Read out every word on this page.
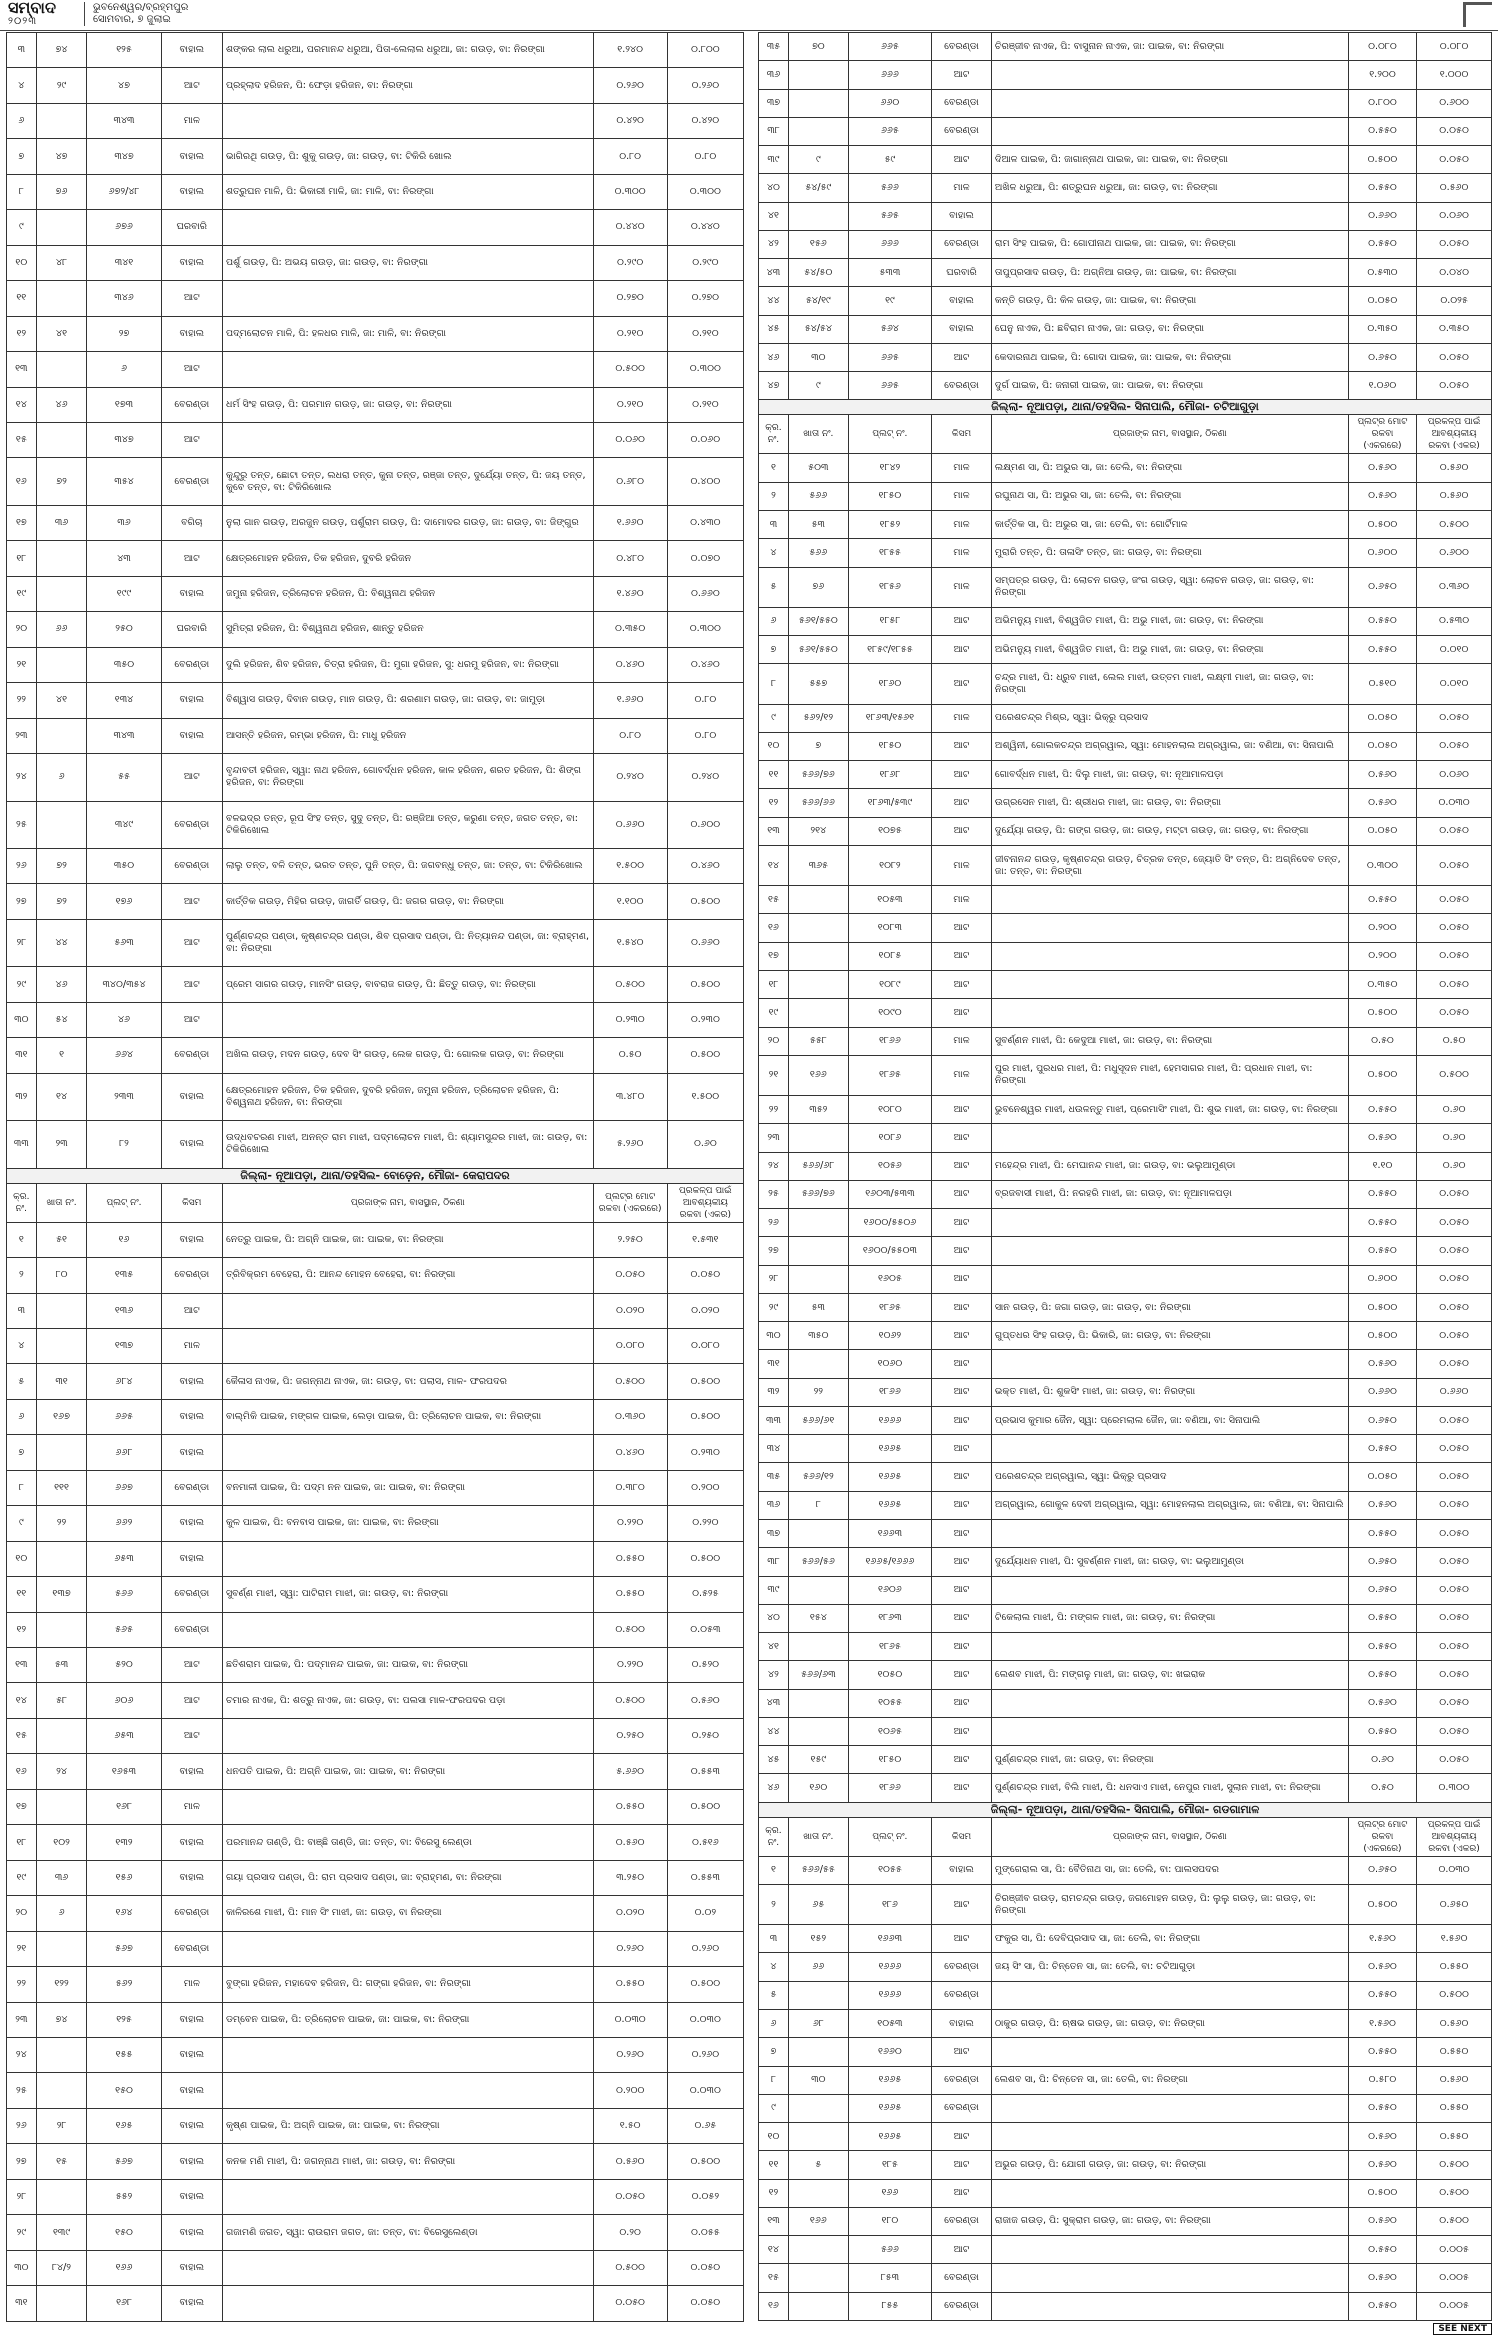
ସମ୍ବାଦ
୨୦୨୩
ଭୁବନେଶ୍ୱର/ବ୍ରହ୍ମପୁର
ସୋମବାର, ୭ ଜୁଲାଇ
୩	୭୪	୧୨୫	ବାହାଲ	ଶଙ୍କର ଲାଲ ଧରୁଆ, ପରମାନନ୍ଦ ଧରୁଆ, ପିତା-ଲେଲାଲ ଧରୁଆ, ଜା: ଗଉଡ଼, ବା: ନିରଙ୍ଗା	୧.୨୪୦	୦.୮୦୦
୪	୨୯	୪୭	ଆଟ	ପ୍ରହ୍ଲାଦ ହରିଜନ, ପି: ଫେଡ଼ା ହରିଜନ, ବା: ନିରଙ୍ଗା	୦.୨୬୦	୦.୨୬୦
୬		୩୪୩	ମାଳ		୦.୪୨୦	୦.୪୨୦
୭	୪୭	୩୪୭	ବାହାଲ	ଭାଗିରଥି ଗଉଡ଼, ପି: ଶୁକୁ ଗଉଡ଼, ଜା: ଗଉଡ଼, ବା: ଟିକିରି ଖୋଲ	୦.୮୦	୦.୮୦
୮	୭୬	୬୭୨/୪୮	ବାହାଲ	ଶତ୍ରୁଘନ ମାଳି, ପି: ଭିକାରୀ ମାଳି, ଜା: ମାଳି, ବା: ନିରଙ୍ଗା	୦.୩୦୦	୦.୩୦୦
୯		୬୭୬	ଘରବାରି		୦.୪୪୦	୦.୪୪୦
୧୦	୪୮	୩୪୧	ବାହାଲ	ପର୍ଶୁ ଗଉଡ଼, ପି: ଅଭୟ ଗଉଡ଼, ଜା: ଗଉଡ଼, ବା: ନିରଙ୍ଗା	୦.୨୯୦	୦.୨୯୦
୧୧		୩୪୬	ଆଟ		୦.୨୭୦	୦.୨୭୦
୧୨	୪୧	୨୭	ବାହାଲ	ପଦ୍ମଲୋଚନ ମାଳି, ପି: ହଳଧର ମାଳି, ଜା: ମାଳି, ବା: ନିରଙ୍ଗା	୦.୨୧୦	୦.୨୧୦
୧୩		୬	ଆଟ		୦.୫୦୦	୦.୩୦୦
୧୪	୪୬	୧୭୩	ବେରଣ୍ଡା	ଧର୍ମ ସିଂହ ଗଉଡ଼, ପି: ପରମାନ ଗଉଡ଼, ଜା: ଗଉଡ଼, ବା: ନିରଙ୍ଗା	୦.୨୧୦	୦.୨୧୦
୧୫		୩୪୭	ଆଟ		୦.୦୬୦	୦.୦୬୦
୧୬	୭୨	୩୫୪	ବେରଣ୍ଡା	କୁନ୍ଦୁରୁ ତନ୍ତ, ଛୋଟା ତନ୍ତ, ଲଧରା ତନ୍ତ, କୁନା ତନ୍ତ, ରଞ୍ଜା ତନ୍ତ, ଦୁର୍ଯ୍ୟୋ ତନ୍ତ, ପି: ଜୟ ତନ୍ତ, କୁବେ ତନ୍ତ, ବା: ଟିକିରିଖୋଲ	୦.୬୮୦	୦.୪୦୦
୧୭	୩୬	୩୬	ବଗିଚା	ନୁଲା ଗାନ ଗଉଡ଼, ଅରଜୁନ ଗଉଡ଼, ପର୍ଶୁରାମ ଗଉଡ଼, ପି: ଦାମୋଦର ଗଉଡ଼, ଜା: ଗଉଡ଼, ବା: ଜିଙ୍ଗୁର	୧.୬୬୦	୦.୪୩୦
୧୮		୪୩	ଆଟ	କ୍ଷେତ୍ରମୋହନ ହରିଜନ, ତିକ ହରିଜନ, ଦୁବରି ହରିଜନ	୦.୪୮୦	୦.୦୭୦
୧୯		୧୯୯	ବାହାଲ	ଜମୁନା ହରିଜନ, ତ୍ରିଲୋଚନ ହରିଜନ, ପି: ବିଶ୍ୱନାଥ ହରିଜନ	୧.୪୬୦	୦.୬୬୦
୨୦	୬୬	୨୫୦	ଘରବାରି	ସୁମିତ୍ରା ହରିଜନ, ପି: ବିଶ୍ୱନାଥ ହରିଜନ, ଶାନ୍ତୁ ହରିଜନ	୦.୩୫୦	୦.୩୦୦
୨୧		୩୫୦	ବେରଣ୍ଡା	ଦୁଲି ହରିଜନ, ଶିବ ହରିଜନ, ଚିତ୍ରା ହରିଜନ, ପି: ମୁଗା ହରିଜନ, ସୁ: ଧରମୁ ହରିଜନ, ବା: ନିରଙ୍ଗା	୦.୪୬୦	୦.୪୬୦
୨୨	୪୧	୧୩୪	ବାହାଲ	ବିଶ୍ୱାସ ଗଉଡ଼, ଦିବାନ ଗଉଡ଼, ମାନ ଗଉଡ଼, ପି: ଶରଣାମ ଗଉଡ଼, ଜା: ଗଉଡ଼, ବା: ଜାମୁଡ଼ା	୧.୬୬୦	୦.୮୦
୨୩		୩୪୩	ବାହାଲ	ଆସନ୍ତି ହରିଜନ, ରମ୍ଭା ହରିଜନ, ପି: ମାଧୁ ହରିଜନ	୦.୮୦	୦.୮୦
୨୪	୬	୫୫	ଆଟ	ବୃନ୍ଦାବତୀ ହରିଜନ, ସ୍ୱା: ନାଥ ହରିଜନ, ଗୋବର୍ଦ୍ଧନ ହରିଜନ, କାଳ ହରିଜନ, ଶରତ ହରିଜନ, ପି: ଶିଙ୍ଗ ହରିଜନ, ବା: ନିରଙ୍ଗା	୦.୨୪୦	୦.୨୪୦
୨୫		୩୪୯	ବେରଣ୍ଡା	ବଳଭଦ୍ର ତନ୍ତ, ରୂପ ସିଂହ ତନ୍ତ, ସୁଦୁ ତନ୍ତ, ପି: ରଞ୍ଜିଆ ତନ୍ତ, କରୁଣା ତନ୍ତ, ଜଗତ ତନ୍ତ, ବା: ଟିକିରିଖୋଲ	୦.୬୬୦	୦.୬୦୦
୨୬	୭୨	୩୫୦	ବେରଣ୍ଡା	ଲାଲୁ ତନ୍ତ, ବଳି ତନ୍ତ, ଭରତ ତନ୍ତ, ପୁନି ତନ୍ତ, ପି: ଜଗବନ୍ଧୁ ତନ୍ତ, ଜା: ତନ୍ତ, ବା: ଟିକିରିଖୋଲ	୧.୫୦୦	୦.୪୬୦
୨୭	୭୨	୧୭୬	ଆଟ	କାର୍ତ୍ତିକ ଗଉଡ଼, ମିହିର ଗଉଡ଼, ଜାଗର୍ତି ଗଉଡ଼, ପି: ଜଗର ଗଉଡ଼, ବା: ନିରଙ୍ଗା	୧.୧୦୦	୦.୫୦୦
୨୮	୪୪	୫୬୩	ଆଟ	ପୁର୍ଣ୍ଣଚନ୍ଦ୍ର ପଣ୍ଡା, କୃଷ୍ଣଚନ୍ଦ୍ର ପଣ୍ଡା, ଶିବ ପ୍ରସାଦ ପଣ୍ଡା, ପି: ନିତ୍ୟାନନ୍ଦ ପଣ୍ଡା, ଜା: ବ୍ରାହ୍ମଣ, ବା: ନିରଙ୍ଗା	୧.୫୪୦	୦.୬୬୦
୨୯	୪୬	୩୪୦/୩୫୪	ଆଟ	ପ୍ରେମ ସାଗର ଗଉଡ଼, ମାନସିଂ ଗଉଡ଼, ବାବରାଜ ଗଉଡ଼, ପି: ଛିତ୍ତୁ ଗଉଡ଼, ବା: ନିରଙ୍ଗା	୦.୫୦୦	୦.୫୦୦
୩୦	୫୪	୪୬	ଆଟ		୦.୨୩୦	୦.୨୩୦
୩୧	୧	୬୬୪	ବେରଣ୍ଡା	ଅଖିଲ ଗଉଡ଼, ମଦନ ଗଉଡ଼, ଦେବ ସିଂ ଗଉଡ଼, ଲେକ ଗଉଡ଼, ପି: ଗୋଲକ ଗଉଡ଼, ବା: ନିରଙ୍ଗା	୦.୫୦	୦.୫୦୦
୩୨	୧୪	୨୩୩	ବାହାଲ	କ୍ଷେତ୍ରମୋହନ ହରିଜନ, ତିକ ହରିଜନ, ଦୁବରି ହରିଜନ, ଜମୁନା ହରିଜନ, ତ୍ରିଲୋଚନ ହରିଜନ, ପି: ବିଶ୍ୱନାଥ ହରିଜନ, ବା: ନିରଙ୍ଗା	୩.୪୮୦	୧.୫୦୦
୩୩	୨୩	୮୨	ବାହାଲ	ଉଦ୍ଧବଚରଣ ମାଝୀ, ଅନନ୍ତ ରାମ ମାଝୀ, ପଦ୍ମଲୋଚନ ମାଝୀ, ପି: ଶ୍ୟାମସୁନ୍ଦର ମାଝୀ, ଜା: ଗଉଡ଼, ବା: ଟିକିରିଖୋଲ	୫.୨୬୦	୦.୬୦
ଜିଲ୍ଲା- ନୂଆପଡ଼ା, ଥାନା/ତହସିଲ- ବୋଡ଼େନ, ମୌଜା- କେରାପଦର						
କ୍ର. ନଂ.	ଖାତା ନଂ.	ପ୍ଲଟ୍ ନଂ.	କିସମ	ପ୍ରଜାଙ୍କ ନାମ, ବାସସ୍ଥାନ, ଠିକଣା	ପ୍ଲଟ୍ର ମୋଟ ରକବା (ଏକରରେ)	ପ୍ରକଳ୍ପ ପାଇଁ ଆବଶ୍ୟକୀୟ ରକବା (ଏକର)
୧	୫୧	୧୬	ବାହାଲ	ନେତ୍ରୁ ପାଇକ, ପି: ଅଗ୍ନି ପାଇକ, ଜା: ପାଇକ, ବା: ନିରଙ୍ଗା	୨.୨୫୦	୧.୫୩୧
୨	୮୦	୧୩୫	ବେରଣ୍ଡା	ତ୍ରିବିକ୍ରମ ବେହେରା, ପି: ଆନନ୍ଦ ମୋହନ ବେହେରା, ବା: ନିରଙ୍ଗା	୦.୦୫୦	୦.୦୫୦
୩		୧୩୬	ଆଟ		୦.୦୨୦	୦.୦୨୦
୪		୧୩୭	ମାଳ		୦.୦୮୦	୦.୦୮୦
୫	୩୧	୬୮୪	ବାହାଲ	କୈଳାସ ନାଏକ, ପି: ଜଗନ୍ନାଥ ନାଏକ, ଜା: ଗଉଡ଼, ବା: ପଲାସ, ମାଳ- ଫରପଦର	୦.୫୦୦	୦.୫୦୦
୬	୧୬୭	୬୬୫	ବାହାଲ	ବାଲ୍ମିକି ପାଇକ, ମଙ୍ଗଳ ପାଇକ, ଲେଡ଼ା ପାଇକ, ପି: ତ୍ରିଲୋଚନ ପାଇକ, ବା: ନିରଙ୍ଗା	୦.୩୬୦	୦.୫୦୦
୭		୬୬୮	ବାହାଲ		୦.୪୬୦	୦.୨୩୦
୮	୧୧୧	୬୬୭	ବେରଣ୍ଡା	ବନମାଳୀ ପାଇକ, ପି: ପଦ୍ମ ନନ ପାଇକ, ଜା: ପାଇକ, ବା: ନିରଙ୍ଗା	୦.୩୮୦	୦.୨୦୦
୯	୨୨	୬୬୨	ବାହାଲ	କୁଳ ପାଇକ, ପି: ବନବାସ ପାଇକ, ଜା: ପାଇକ, ବା: ନିରଙ୍ଗା	୦.୨୨୦	୦.୨୨୦
୧୦		୬୫୩	ବାହାଲ		୦.୫୫୦	୦.୫୦୦
୧୧	୧୩୭	୫୬୬	ବେରଣ୍ଡା	ସୁବର୍ଣ୍ଣ ମାଝୀ, ସ୍ୱା: ପାଟିରାମ ମାଝୀ, ଜା: ଗଉଡ଼, ବା: ନିରଙ୍ଗା	୦.୫୫୦	୦.୫୨୫
୧୨		୫୬୫	ବେରଣ୍ଡା		୦.୫୦୦	୦.୦୫୩
୧୩	୫୩	୫୨୦	ଆଟ	ଛତିଶରାମ ପାଇକ, ପି: ପଦ୍ମାନନ୍ଦ ପାଇକ, ଜା: ପାଇକ, ବା: ନିରଙ୍ଗା	୦.୨୨୦	୦.୫୨୦
୧୪	୫୮	୬୦୬	ଆଟ	ଚମାର ନାଏକ, ପି: ଶତ୍ରୁ ନାଏକ, ଜା: ଗଉଡ଼, ବା: ପଲସା ମାଳ-ଫରପଦର ପଡ଼ା	୦.୫୦୦	୦.୫୬୦
୧୫		୬୫୩	ଆଟ		୦.୨୫୦	୦.୨୫୦
୧୬	୨୪	୧୬୫୩	ବାହାଲ	ଧନପତି ପାଇକ, ପି: ଅଗ୍ନି ପାଇକ, ଜା: ପାଇକ, ବା: ନିରଙ୍ଗା	୫.୬୬୦	୦.୫୫୩
୧୭		୧୬୮	ମାଳ		୦.୫୫୦	୦.୫୦୦
୧୮	୧୦୨	୧୩୨	ବାହାଲ	ପରମାନନ୍ଦ ତାଣ୍ଡି, ପି: ବାଞ୍ଛି ତାଣ୍ଡି, ଜା: ତନ୍ତ, ବା: ବିରେସୁ ଲେଣ୍ଡା	୦.୫୬୦	୦.୫୧୬
୧୯	୩୬	୧୫୬	ବାହାଲ	ଗୟା ପ୍ରସାଦ ପଣ୍ଡା, ପି: ରାମ ପ୍ରସାଦ ପଣ୍ଡା, ଜା: ବ୍ରାହ୍ମଣ, ବା: ନିରଙ୍ଗା	୩.୨୫୦	୦.୫୫୩
୨୦	୬	୧୬୪	ବେରଣ୍ଡା	କାଳିରଶେ ମାଝୀ, ପି: ମାନ ସିଂ ମାଝୀ, ଜା: ଗଉଡ଼, ବା ନିରଙ୍ଗା	୦.୦୨୦	୦.୦୨
୨୧		୫୬୭	ବେରଣ୍ଡା		୦.୨୬୦	୦.୨୬୦
୨୨	୧୨୨	୫୬୨	ମାଳ	ବୁଙ୍ଗା ହରିଜନ, ମହାଦେବ ହରିଜନ, ପି: ଗଙ୍ଗା ହରିଜନ, ବା: ନିରଙ୍ଗା	୦.୫୫୦	୦.୫୦୦
୨୩	୭୪	୧୨୫	ବାହାଲ	ଡମ୍ବେନ ପାଇକ, ପି: ତ୍ରିଲୋଚନ ପାଇକ, ଜା: ପାଇକ, ବା: ନିରଙ୍ଗା	୦.୦୩୦	୦.୦୩୦
୨୪		୧୫୫	ବାହାଲ		୦.୨୬୦	୦.୨୬୦
୨୫		୧୫୦	ବାହାଲ		୦.୨୦୦	୦.୦୩୦
୨୬	୨୮	୧୬୫	ବାହାଲ	କୃଷ୍ଣ ପାଇକ, ପି: ଅଗ୍ନି ପାଇକ, ଜା: ପାଇକ, ବା: ନିରଙ୍ଗା	୧.୫୦	୦.୬୫
୨୭	୧୫	୫୬୭	ବାହାଲ	କନକ ମଣି ମାଝୀ, ପି: ଜଗନ୍ନାଥ ମାଝୀ, ଜା: ଗଉଡ଼, ବା: ନିରଙ୍ଗା	୦.୫୬୦	୦.୫୦୦
୨୮		୫୫୨	ବାହାଲ		୦.୦୫୦	୦.୦୫୨
୨୯	୧୩୯	୧୫୦	ବାହାଲ	ଗଜାମଣି ଜଗତ, ସ୍ୱା: ରାଉରାମ ଜଗତ, ଜା: ତନ୍ତ, ବା: ବିରେସୁଲେଣ୍ଡା	୦.୨୦	୦.୦୫୫
୩୦	୮୪/୨	୧୬୬	ବାହାଲ		୦.୫୦୦	୦.୦୫୦
୩୧		୧୬୮	ବାହାଲ		୦.୦୫୦	୦.୦୫୦
୩୫	୭୦	୬୬୫	ବେରଣ୍ଡା	ଚିରଞ୍ଜୀବ ନାଏକ, ପି: ବାସୁନାନ ନାଏକ, ଜା: ପାଇକ, ବା: ନିରଙ୍ଗା	୦.୦୮୦	୦.୦୮୦
୩୬		୬୬୬	ଆଟ		୧.୨୦୦	୧.୦୦୦
୩୭		୬୬୦	ବେରଣ୍ଡା		୦.୮୦୦	୦.୬୦୦
୩୮		୬୬୫	ବେରଣ୍ଡା		୦.୫୫୦	୦.୦୫୦
୩୯	୯	୫୯	ଆଟ	ଦିଆଳ ପାଇକ, ପି: ଜାଗାନ୍ନାଥ ପାଇକ, ଜା: ପାଇକ, ବା: ନିରଙ୍ଗା	୦.୫୦୦	୦.୦୫୦
୪୦	୫୪/୫୯	୫୬୬	ମାଳ	ଅଖିଳ ଧରୁଆ, ପି: ଶତ୍ରୁଘନ ଧରୁଆ, ଜା: ଗଉଡ଼, ବା: ନିରଙ୍ଗା	୦.୫୫୦	୦.୫୬୦
୪୧		୫୬୫	ବାହାଲ		୦.୬୬୦	୦.୦୬୦
୪୨	୧୫୬	୬୬୬	ବେରଣ୍ଡା	ରାମ ସିଂହ ପାଇକ, ପି: ଗୋପୀନାଥ ପାଇକ, ଜା: ପାଇକ, ବା: ନିରଙ୍ଗା	୦.୫୫୦	୦.୦୫୦
୪୩	୫୪/୫୦	୫୩୩	ଘରବାରି	ତାପୁପ୍ରସାଦ ଗଉଡ଼, ପି: ଅଗ୍ନିଆ ଗଉଡ଼, ଜା: ପାଇକ, ବା: ନିରଙ୍ଗା	୦.୫୩୦	୦.୦୪୦
୪୪	୫୪/୧୯	୧୯	ବାହାଲ	କନ୍ତି ଗଉଡ଼, ପି: କିଳ ଗଉଡ଼, ଜା: ପାଇକ, ବା: ନିରଙ୍ଗା	୦.୦୫୦	୦.୦୨୫
୪୫	୫୪/୫୪	୫୬୪	ବାହାଲ	ଘେନୁ ନାଏକ, ପି: ଛବିରାମ ନାଏକ, ଜା: ଗଉଡ଼, ବା: ନିରଙ୍ଗା	୦.୩୫୦	୦.୩୫୦
୪୬	୩୦	୬୬୫	ଆଟ	କେଦାରନାଥ ପାଇକ, ପି: ଗୋଦା ପାଇକ, ଜା: ପାଇକ, ବା: ନିରଙ୍ଗା	୦.୬୫୦	୦.୦୫୦
୪୭	୯	୬୬୫	ବେରଣ୍ଡା	ଦୁର୍ଗ ପାଇକ, ପି: ଜନାରୀ ପାଇକ, ଜା: ପାଇକ, ବା: ନିରଙ୍ଗା	୧.୦୬୦	୦.୦୫୦
ଜିଲ୍ଲା- ନୂଆପଡ଼ା, ଥାନା/ତହସିଲ- ସିନାପାଲି, ମୌଜା- ଚଟିଆଗୁଡ଼ା						
କ୍ର. ନଂ.	ଖାତା ନଂ.	ପ୍ଲଟ୍ ନଂ.	କିସମ	ପ୍ରଜାଙ୍କ ନାମ, ବାସସ୍ଥାନ, ଠିକଣା	ପ୍ଲଟ୍ର ମୋଟ ରକବା (ଏକରରେ)	ପ୍ରକଳ୍ପ ପାଇଁ ଆବଶ୍ୟକୀୟ ରକବା (ଏକର)
୧	୫୦୩	୧୮୪୨	ମାଳ	ଲକ୍ଷ୍ମଣ ସା, ପି: ଅଭୁର ସା, ଜା: ତେଲି, ବା: ନିରଙ୍ଗା	୦.୫୬୦	୦.୫୬୦
୨	୫୬୬	୧୮୫୦	ମାଳ	ରଘୁନାଥ ସା, ପି: ଅଭୁର ସା, ଜା: ତେଲି, ବା: ନିରଙ୍ଗା	୦.୫୬୦	୦.୫୬୦
୩	୫୩	୧୮୫୨	ମାଳ	କାର୍ତ୍ତିକ ସା, ପି: ଅଭୁର ସା, ଜା: ତେଲି, ବା: ଗୋର୍ଟିମାଳ	୦.୫୦୦	୦.୫୦୦
୪	୫୬୬	୧୮୫୫	ମାଳ	ମୁରାରି ତନ୍ତ, ପି: ତାଳାସିଂ ତନ୍ତ, ଜା: ଗଉଡ଼, ବା: ନିରଙ୍ଗା	୦.୬୦୦	୦.୬୦୦
୫	୭୬	୧୮୫୬	ମାଳ	ସମ୍ପତ୍ର ଗଉଡ଼, ପି: ଲୋଚନ ଗଉଡ଼, ଜଂଗ ଗଉଡ଼, ସ୍ୱା: ଲୋଚନ ଗଉଡ଼, ଜା: ଗଉଡ଼, ବା: ନିରଙ୍ଗା	୦.୬୫୦	୦.୩୬୦
୬	୫୬୧/୫୫୦	୧୮୫୮	ଆଟ	ଅଭିମନ୍ୟୁ ମାଝୀ, ବିଶ୍ୱଜିତ ମାଝୀ, ପି: ଅଭୁ ମାଝୀ, ଜା: ଗଉଡ଼, ବା: ନିରଙ୍ଗା	୦.୫୫୦	୦.୫୩୦
୭	୫୬୧/୫୫୦	୧୮୫୯/୧୮୫୫	ଆଟ	ଅଭିମନ୍ୟୁ ମାଝୀ, ବିଶ୍ୱଜିତ ମାଝୀ, ପି: ଅଭୁ ମାଝୀ, ଜା: ଗଉଡ଼, ବା: ନିରଙ୍ଗା	୦.୫୫୦	୦.୦୧୦
୮	୫୫୭	୧୮୬୦	ଆଟ	ଚନ୍ଦ୍ର ମାଝୀ, ପି: ଧ୍ରୁବ ମାଝୀ, ଲେଲ ମାଝୀ, ଉତ୍ତମ ମାଝୀ, ଲକ୍ଷ୍ମୀ ମାଝୀ, ଜା: ଗଉଡ଼, ବା: ନିରଙ୍ଗା	୦.୫୧୦	୦.୦୧୦
୯	୫୬୨/୧୨	୧୮୬୩/୧୫୬୧	ମାଳ	ପରେଶଚନ୍ଦ୍ର ମିଶ୍ର, ସ୍ୱା: ଭିକ୍ରୁ ପ୍ରସାଦ	୦.୦୫୦	୦.୦୫୦
୧୦	୭	୧୮୫୦	ଆଟ	ଅଶ୍ୱିନୀ, ଗୋଲକଚନ୍ଦ୍ର ଅଗ୍ରୱାଲ, ସ୍ୱା: ମୋହନଲାଲ ଅଗ୍ରୱାଲ, ଜା: ବଣିଆ, ବା: ସିନାପାଲି	୦.୦୫୦	୦.୦୫୦
୧୧	୫୬୬/୭୬	୧୮୬୮	ଆଟ	ଗୋବର୍ଦ୍ଧନ ମାଝୀ, ପି: ଦିଲୁ ମାଝୀ, ଜା: ଗଉଡ଼, ବା: ନୂଆମାଳପଡ଼ା	୦.୫୬୦	୦.୦୬୦
୧୨	୫୬୬/୬୬	୧୮୬୩/୫୩୯	ଆଟ	ଉଗ୍ରସେନ ମାଝୀ, ପି: ଶ୍ରୀଧର ମାଝୀ, ଜା: ଗଉଡ଼, ବା: ନିରଙ୍ଗା	୦.୫୬୦	୦.୦୩୦
୧୩	୨୧୪	୧୦୭୫	ଆଟ	ଦୁର୍ଯ୍ୟୋ ଗଉଡ଼, ପି: ଗଙ୍ଗ ଗଉଡ଼, ଜା: ଗଉଡ଼, ମଟ୍ଟା ଗଉଡ଼, ଜା: ଗଉଡ଼, ବା: ନିରଙ୍ଗା	୦.୦୫୦	୦.୦୫୦
୧୪	୩୬୫	୧୦୮୨	ମାଳ	ଜୀବନାନନ୍ଦ ଗଉଡ଼, କୃଷ୍ଣଚନ୍ଦ୍ର ଗଉଡ଼, ଚିତ୍ରକ ତନ୍ତ, ଜ୍ୟୋତି ସିଂ ତନ୍ତ, ପି: ଅଗ୍ନିଦେବ ତନ୍ତ, ଜା: ତନ୍ତ, ବା: ନିରଙ୍ଗା	୦.୩୦୦	୦.୦୫୦
୧୫		୧୦୫୩	ମାଳ		୦.୫୫୦	୦.୦୫୦
୧୬		୧୦୮୩	ଆଟ		୦.୨୦୦	୦.୦୫୦
୧୭		୧୦୮୫	ଆଟ		୦.୨୦୦	୦.୦୫୦
୧୮		୧୦୮୯	ଆଟ		୦.୩୫୦	୦.୦୫୦
୧୯		୧୦୯୦	ଆଟ		୦.୫୦୦	୦.୦୫୦
୨୦	୫୫୮	୧୮୬୬	ମାଳ	ସୁବର୍ଣ୍ଣନ ମାଝୀ, ପି: କେଦୁଆ ମାଝୀ, ଜା: ଗଉଡ଼, ବା: ନିରଙ୍ଗା	୦.୫୦	୦.୫୦
୨୧	୧୬୬	୧୮୬୫	ମାଳ	ପୁର ମାଝୀ, ପୁରଧର ମାଝୀ, ପି: ମଧୁସୂଦନ ମାଝୀ, ହେମସାଗର ମାଝୀ, ପି: ପ୍ରଧାନ ମାଝୀ, ବା: ନିରଙ୍ଗା	୦.୫୦୦	୦.୫୦୦
୨୨	୩୫୨	୧୦୮୦	ଆଟ	ଭୁବନେଶ୍ୱର ମାଝୀ, ଧଉଳନ୍ତୁ ମାଝୀ, ପ୍ରେମାସିଂ ମାଝୀ, ପି: ଶୁଭ ମାଝୀ, ଜା: ଗଉଡ଼, ବା: ନିରଙ୍ଗା	୦.୫୫୦	୦.୬୦
୨୩		୧୦୮୬	ଆଟ		୦.୫୬୦	୦.୬୦
୨୪	୫୬୬/୬୮	୧୦୫୬	ଆଟ	ମହେନ୍ଦ୍ର ମାଝୀ, ପି: ମେଘାନନ୍ଦ ମାଝୀ, ଜା: ଗଉଡ଼, ବା: ଭଲୁଆମୁଣ୍ଡା	୧.୧୦	୦.୬୦
୨୫	୫୬୬/୭୬	୧୬୦୩/୫୩୩	ଆଟ	ବ୍ରଜବାସୀ ମାଝୀ, ପି: ନରହରି ମାଝୀ, ଜା: ଗଉଡ଼, ବା: ନୂଆମାଳପଡ଼ା	୦.୫୫୦	୦.୦୫୦
୨୬		୧୬୦୦/୫୫୦୬	ଆଟ		୦.୫୫୦	୦.୦୫୦
୨୭		୧୬୦୦/୫୫୦୩	ଆଟ		୦.୫୫୦	୦.୦୫୦
୨୮		୧୬୦୫	ଆଟ		୦.୬୦୦	୦.୦୫୦
୨୯	୫୩	୧୮୬୫	ଆଟ	ସାନ ଗଉଡ଼, ପି: ଜଗା ଗଉଡ଼, ଜା: ଗଉଡ଼, ବା: ନିରଙ୍ଗା	୦.୫୦୦	୦.୦୫୦
୩୦	୩୫୦	୧୦୬୨	ଆଟ	ଗୁପ୍ତଧର ସିଂହ ଗଉଡ଼, ପି: ଭିକାରି, ଜା: ଗଉଡ଼, ବା: ନିରଙ୍ଗା	୦.୫୦୦	୦.୦୫୦
୩୧		୧୦୬୦	ଆଟ		୦.୫୬୦	୦.୦୫୦
୩୨	୨୨	୧୮୬୬	ଆଟ	ଭକ୍ତ ମାଝୀ, ପି: ଶୁକସିଂ ମାଝୀ, ଜା: ଗଉଡ଼, ବା: ନିରଙ୍ଗା	୦.୬୬୦	୦.୬୬୦
୩୩	୫୬୬/୬୧	୧୬୬୬	ଆଟ	ପ୍ରଭାସ କୁମାର ଜୈନ, ସ୍ୱା: ପ୍ରେମଲାଲ ଜୈନ, ଜା: ବଣିଆ, ବା: ସିନାପାଲି	୦.୬୫୦	୦.୦୫୦
୩୪		୧୬୬୫	ଆଟ		୦.୫୫୦	୦.୦୫୦
୩୫	୫୬୬/୧୨	୧୬୬୫	ଆଟ	ପରେଶଚନ୍ଦ୍ର ଅଗ୍ରୱାଲ, ସ୍ୱା: ଭିକ୍ରୁ ପ୍ରସାଦ	୦.୦୫୦	୦.୦୫୦
୩୬	୮	୧୬୬୫	ଆଟ	ଅଗ୍ରୱାଲ, ଗୋକୁଳ ଦେବୀ ଅଗ୍ରୱାଲ, ସ୍ୱା: ମୋହନଲାଲ ଅଗ୍ରୱାଲ, ଜା: ବଣିଆ, ବା: ସିନାପାଲି	୦.୫୬୦	୦.୦୫୦
୩୭		୧୬୬୩	ଆଟ		୦.୫୫୦	୦.୦୫୦
୩୮	୫୬୬/୫୬	୧୬୬୫/୧୬୬୬	ଆଟ	ଦୁର୍ଯ୍ୟୋଧନ ମାଝୀ, ପି: ସୁବର୍ଣ୍ଣନ ମାଝୀ, ଜା: ଗଉଡ଼, ବା: ଭଲୁଆମୁଣ୍ଡା	୦.୬୫୦	୦.୦୫୦
୩୯		୧୬୦୬	ଆଟ		୦.୬୫୦	୦.୦୫୦
୪୦	୧୫୪	୧୮୬୩	ଆଟ	ଟିକେଲାଲ ମାଝୀ, ପି: ମଙ୍ଗଳ ମାଝୀ, ଜା: ଗଉଡ଼, ବା: ନିରଙ୍ଗା	୦.୫୫୦	୦.୦୫୦
୪୧		୧୮୬୫	ଆଟ		୦.୫୫୦	୦.୦୫୦
୪୨	୫୬୬/୬୩	୧୦୫୦	ଆଟ	ଲେଶବ ମାଝୀ, ପି: ମଙ୍ଗଳୁ ମାଝୀ, ଜା: ଗଉଡ଼, ବା: ଖଇରାକ	୦.୫୫୦	୦.୦୫୦
୪୩		୧୦୫୫	ଆଟ		୦.୫୬୦	୦.୦୫୦
୪୪		୧୦୬୫	ଆଟ		୦.୫୫୦	୦.୦୫୦
୪୫	୧୫୯	୧୮୫୦	ଆଟ	ପୁର୍ଣ୍ଣଚନ୍ଦ୍ର ମାଝୀ, ଜା: ଗଉଡ଼, ବା: ନିରଙ୍ଗା	୦.୬୦	୦.୦୫୦
୪୬	୧୬୦	୧୮୬୬	ଆଟ	ପୁର୍ଣ୍ଣଚନ୍ଦ୍ର ମାଝୀ, ବିଲି ମାଝୀ, ପି: ଧନସାଏ ମାଝୀ, ନେପୁର ମାଝୀ, ସୁଲାନ ମାଝୀ, ବା: ନିରଙ୍ଗା	୦.୫୦	୦.୩୦୦
ଜିଲ୍ଲା- ନୂଆପଡ଼ା, ଥାନା/ତହସିଲ- ସିନାପାଲି, ମୌଜା- ଗଡଗାମାଳ						
କ୍ର. ନଂ.	ଖାତା ନଂ.	ପ୍ଲଟ୍ ନଂ.	କିସମ	ପ୍ରଜାଙ୍କ ନାମ, ବାସସ୍ଥାନ, ଠିକଣା	ପ୍ଲଟ୍ର ମୋଟ ରକବା (ଏକରରେ)	ପ୍ରକଳ୍ପ ପାଇଁ ଆବଶ୍ୟକୀୟ ରକବା (ଏକର)
୧	୫୬୬/୫୫	୧୦୫୫	ବାହାଲ	ମୁଙ୍ଗେରାଲ ସା, ପି: ବୈତିନାଥ ସା, ଜା: ତେଲି, ବା: ପାଲସପଦର	୦.୬୫୦	୦.୦୩୦
୨	୬୫	୧୮୬	ଆଟ	ଚିରଞ୍ଜୀବ ଗଉଡ଼, ରାମଚନ୍ଦ୍ର ଗଉଡ଼, ଜଗମୋହନ ଗଉଡ଼, ପି: ଲୁଲୁ ଗଉଡ଼, ଜା: ଗଉଡ଼, ବା: ନିରଙ୍ଗା	୦.୫୦୦	୦.୬୫୦
୩	୧୫୨	୧୬୬୩	ଆଟ	ଫକୁର ସା, ପି: ଦେବିପ୍ରସାଦ ସା, ଜା: ତେଲି, ବା: ନିରଙ୍ଗା	୧.୫୬୦	୧.୫୬୦
୪	୬୬	୧୬୬୬	ବେରଣ୍ଡା	ଜୟ ସିଂ ସା, ପି: ଚିନ୍ତେନ ସା, ଜା: ତେଲି, ବା: ଚଟିଆଗୁଡ଼ା	୦.୫୬୦	୦.୫୫୦
୫		୧୬୬୬	ବେରଣ୍ଡା		୦.୫୫୦	୦.୫୦୦
୬	୬୮	୧୦୫୩	ବାହାଲ	ଠାକୁର ଗଉଡ଼, ପି: ଋଷଭ ଗଉଡ଼, ଜା: ଗଉଡ଼, ବା: ନିରଙ୍ଗା	୧.୫୬୦	୦.୫୬୦
୭		୧୬୬୦	ଆଟ		୦.୫୫୦	୦.୫୫୦
୮	୩୦	୧୬୬୫	ବେରଣ୍ଡା	ଲେଶବ ସା, ପି: ଚିନ୍ତେନ ସା, ଜା: ତେଲି, ବା: ନିରଙ୍ଗା	୦.୫୮୦	୦.୫୬୦
୯		୧୬୬୫	ବେରଣ୍ଡା		୦.୫୫୦	୦.୫୫୦
୧୦		୧୬୬୫	ଆଟ		୦.୫୬୦	୦.୫୫୦
୧୧	୫	୧୮୫	ଆଟ	ଅଭୁର ଗଉଡ଼, ପି: ଯୋଗୀ ଗଉଡ଼, ଜା: ଗଉଡ଼, ବା: ନିରଙ୍ଗା	୦.୫୬୦	୦.୫୦୦
୧୨		୧୬୬	ଆଟ		୦.୫୦୦	୦.୫୦୦
୧୩	୧୬୬	୧୮୦	ବେରଣ୍ଡା	ରାଜାଜ ଗଉଡ଼, ପି: ସୁକ୍ରାମ ଗଉଡ଼, ଜା: ଗଉଡ଼, ବା: ନିରଙ୍ଗା	୦.୫୬୦	୦.୫୦୦
୧୪		୫୬୬	ଆଟ		୦.୫୫୦	୦.୦୦୫
୧୫		୮୫୩	ବେରଣ୍ଡା		୦.୫୬୦	୦.୦୦୫
୧୬		୮୫୫	ବେରଣ୍ଡା		୦.୫୫୦	୦.୦୦୫
SEE NEXT
